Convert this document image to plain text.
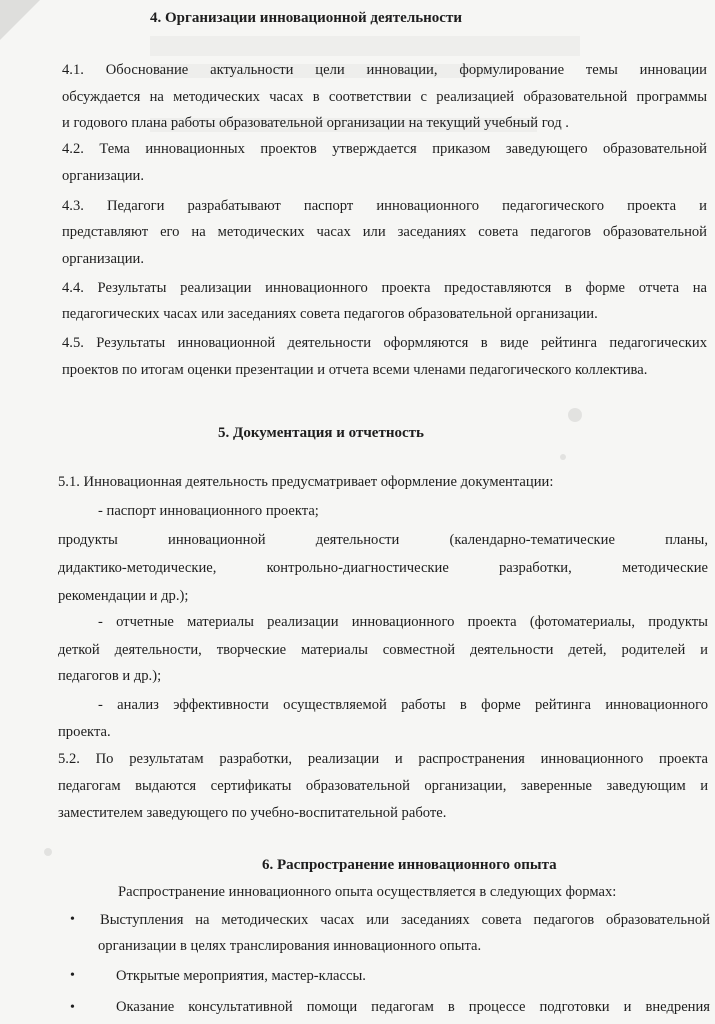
4. Организации инновационной деятельности
4.1. Обоснование актуальности цели инновации, формулирование темы инновации
обсуждается на методических часах в соответствии с реализацией образовательной программы
и годового плана работы образовательной организации на текущий учебный год .
4.2. Тема инновационных проектов утверждается приказом заведующего образовательной
организации.
4.3. Педагоги разрабатывают паспорт инновационного педагогического проекта и
представляют его на методических часах или заседаниях совета педагогов образовательной
организации.
4.4. Результаты реализации инновационного проекта предоставляются в форме отчета на
педагогических часах или заседаниях совета педагогов образовательной организации.
4.5. Результаты инновационной деятельности оформляются в виде рейтинга педагогических
проектов по итогам оценки презентации и отчета всеми членами педагогического коллектива.
5. Документация и отчетность
5.1. Инновационная деятельность предусматривает оформление документации:
- паспорт инновационного проекта;
продукты инновационной деятельности (календарно-тематические планы,
дидактико-методические, контрольно-диагностические разработки, методические
рекомендации и др.);
- отчетные материалы реализации инновационного проекта (фотоматериалы, продукты
деткой деятельности, творческие материалы совместной деятельности детей, родителей и
педагогов и др.);
- анализ эффективности осуществляемой работы в форме рейтинга инновационного
проекта.
5.2. По результатам разработки, реализации и распространения инновационного проекта
педагогам выдаются сертификаты образовательной организации, заверенные заведующим и
заместителем заведующего по учебно-воспитательной работе.
6. Распространение инновационного опыта
Распространение инновационного опыта осуществляется в следующих формах:
• Выступления на методических часах или заседаниях совета педагогов образовательной
организации в целях транслирования инновационного опыта.
•	Открытые мероприятия, мастер-классы.
•	Оказание консультативной помощи педагогам в процессе подготовки и внедрения
